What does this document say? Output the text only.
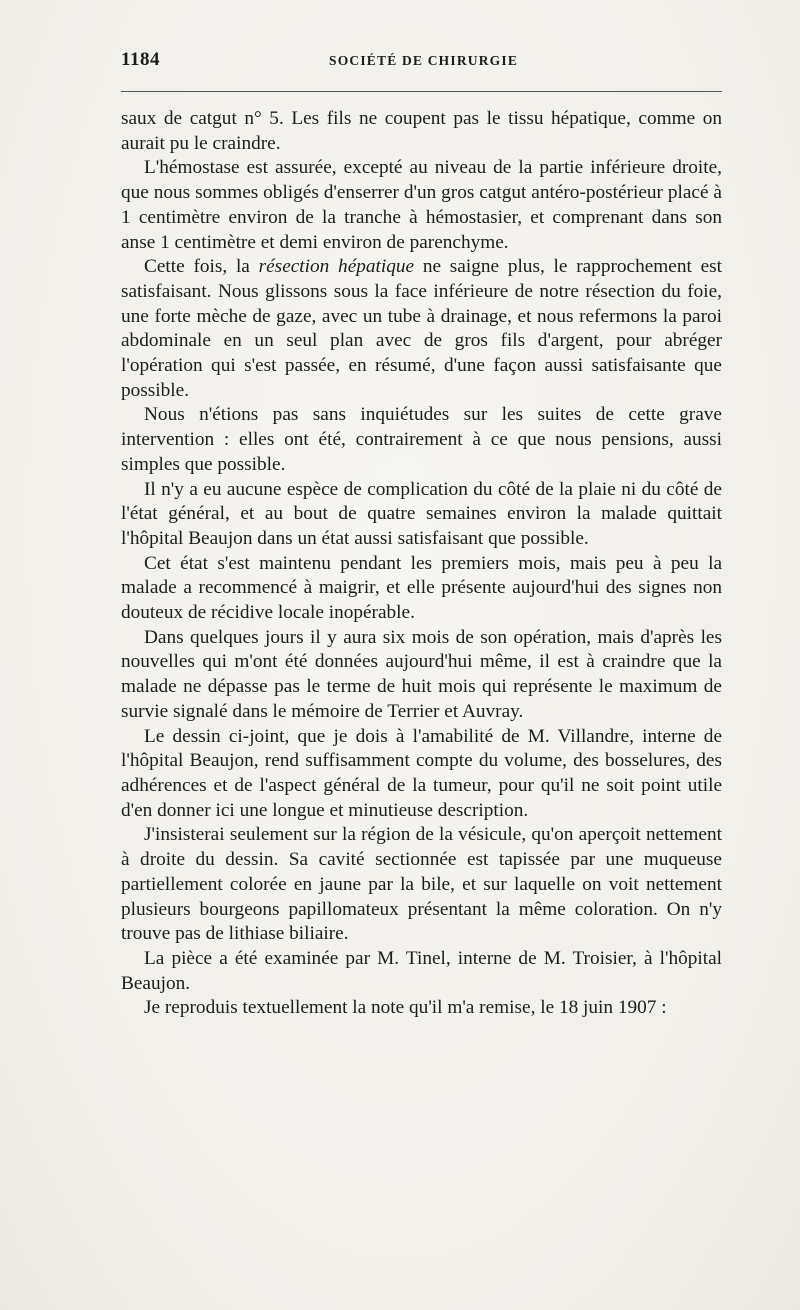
1184	SOCIÉTÉ DE CHIRURGIE

saux de catgut n° 5. Les fils ne coupent pas le tissu hépatique, comme on aurait pu le craindre.

L'hémostase est assurée, excepté au niveau de la partie inférieure droite, que nous sommes obligés d'enserrer d'un gros catgut antéro-postérieur placé à 1 centimètre environ de la tranche à hémostasier, et comprenant dans son anse 1 centimètre et demi environ de parenchyme.

Cette fois, la résection hépatique ne saigne plus, le rapprochement est satisfaisant. Nous glissons sous la face inférieure de notre résection du foie, une forte mèche de gaze, avec un tube à drainage, et nous refermons la paroi abdominale en un seul plan avec de gros fils d'argent, pour abréger l'opération qui s'est passée, en résumé, d'une façon aussi satisfaisante que possible.

Nous n'étions pas sans inquiétudes sur les suites de cette grave intervention : elles ont été, contrairement à ce que nous pensions, aussi simples que possible.

Il n'y a eu aucune espèce de complication du côté de la plaie ni du côté de l'état général, et au bout de quatre semaines environ la malade quittait l'hôpital Beaujon dans un état aussi satisfaisant que possible.

Cet état s'est maintenu pendant les premiers mois, mais peu à peu la malade a recommencé à maigrir, et elle présente aujourd'hui des signes non douteux de récidive locale inopérable.

Dans quelques jours il y aura six mois de son opération, mais d'après les nouvelles qui m'ont été données aujourd'hui même, il est à craindre que la malade ne dépasse pas le terme de huit mois qui représente le maximum de survie signalé dans le mémoire de Terrier et Auvray.

Le dessin ci-joint, que je dois à l'amabilité de M. Villandre, interne de l'hôpital Beaujon, rend suffisamment compte du volume, des bosselures, des adhérences et de l'aspect général de la tumeur, pour qu'il ne soit point utile d'en donner ici une longue et minutieuse description.

J'insisterai seulement sur la région de la vésicule, qu'on aperçoit nettement à droite du dessin. Sa cavité sectionnée est tapissée par une muqueuse partiellement colorée en jaune par la bile, et sur laquelle on voit nettement plusieurs bourgeons papillomateux présentant la même coloration. On n'y trouve pas de lithiase biliaire.

La pièce a été examinée par M. Tinel, interne de M. Troisier, à l'hôpital Beaujon.

Je reproduis textuellement la note qu'il m'a remise, le 18 juin 1907 :
